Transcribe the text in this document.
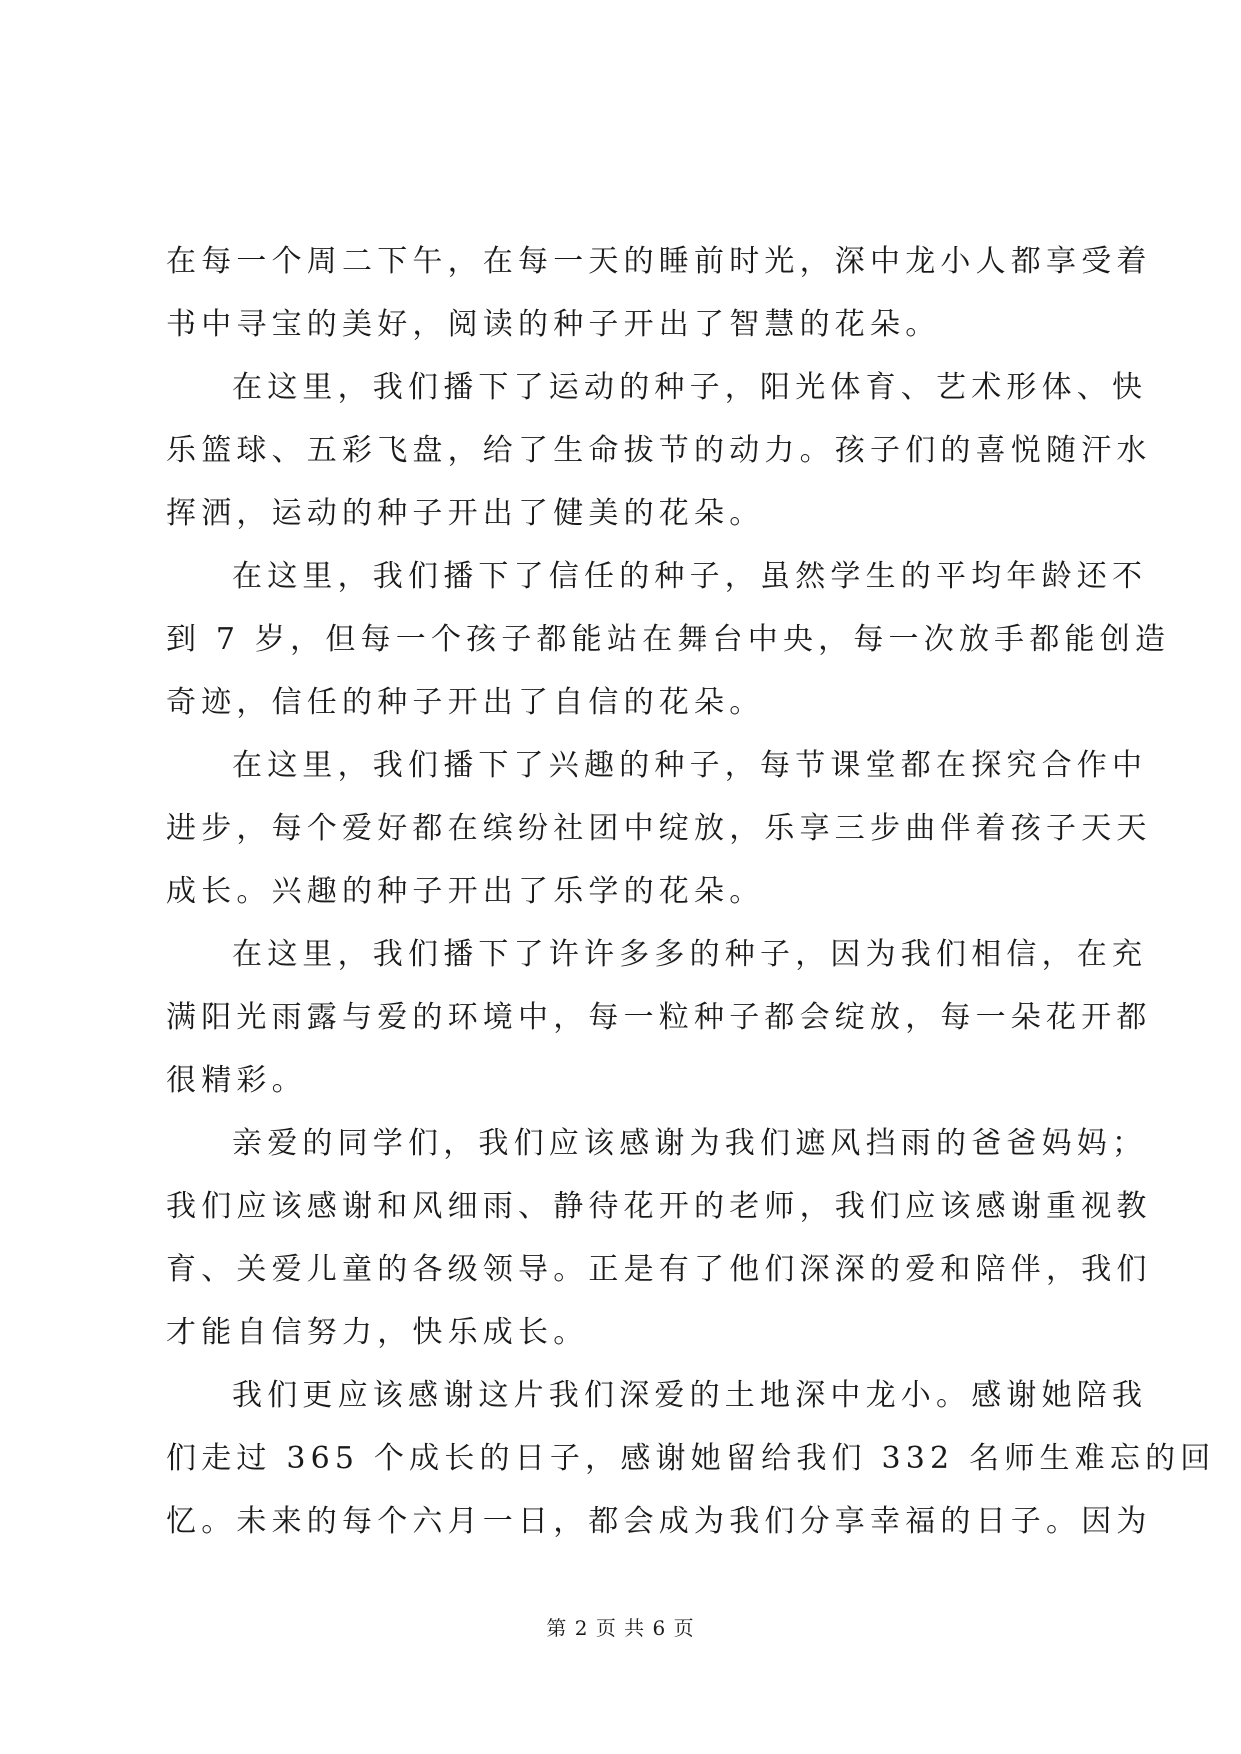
在每一个周二下午，在每一天的睡前时光，深中龙小人都享受着
书中寻宝的美好，阅读的种子开出了智慧的花朵。
在这里，我们播下了运动的种子，阳光体育、艺术形体、快
乐篮球、五彩飞盘，给了生命拔节的动力。孩子们的喜悦随汗水
挥洒，运动的种子开出了健美的花朵。
在这里，我们播下了信任的种子，虽然学生的平均年龄还不
到 7 岁，但每一个孩子都能站在舞台中央，每一次放手都能创造
奇迹，信任的种子开出了自信的花朵。
在这里，我们播下了兴趣的种子，每节课堂都在探究合作中
进步，每个爱好都在缤纷社团中绽放，乐享三步曲伴着孩子天天
成长。兴趣的种子开出了乐学的花朵。
在这里，我们播下了许许多多的种子，因为我们相信，在充
满阳光雨露与爱的环境中，每一粒种子都会绽放，每一朵花开都
很精彩。
亲爱的同学们，我们应该感谢为我们遮风挡雨的爸爸妈妈；
我们应该感谢和风细雨、静待花开的老师，我们应该感谢重视教
育、关爱儿童的各级领导。正是有了他们深深的爱和陪伴，我们
才能自信努力，快乐成长。
我们更应该感谢这片我们深爱的土地深中龙小。感谢她陪我
们走过 365 个成长的日子，感谢她留给我们 332 名师生难忘的回
忆。未来的每个六月一日，都会成为我们分享幸福的日子。因为
第 2 页 共 6 页
